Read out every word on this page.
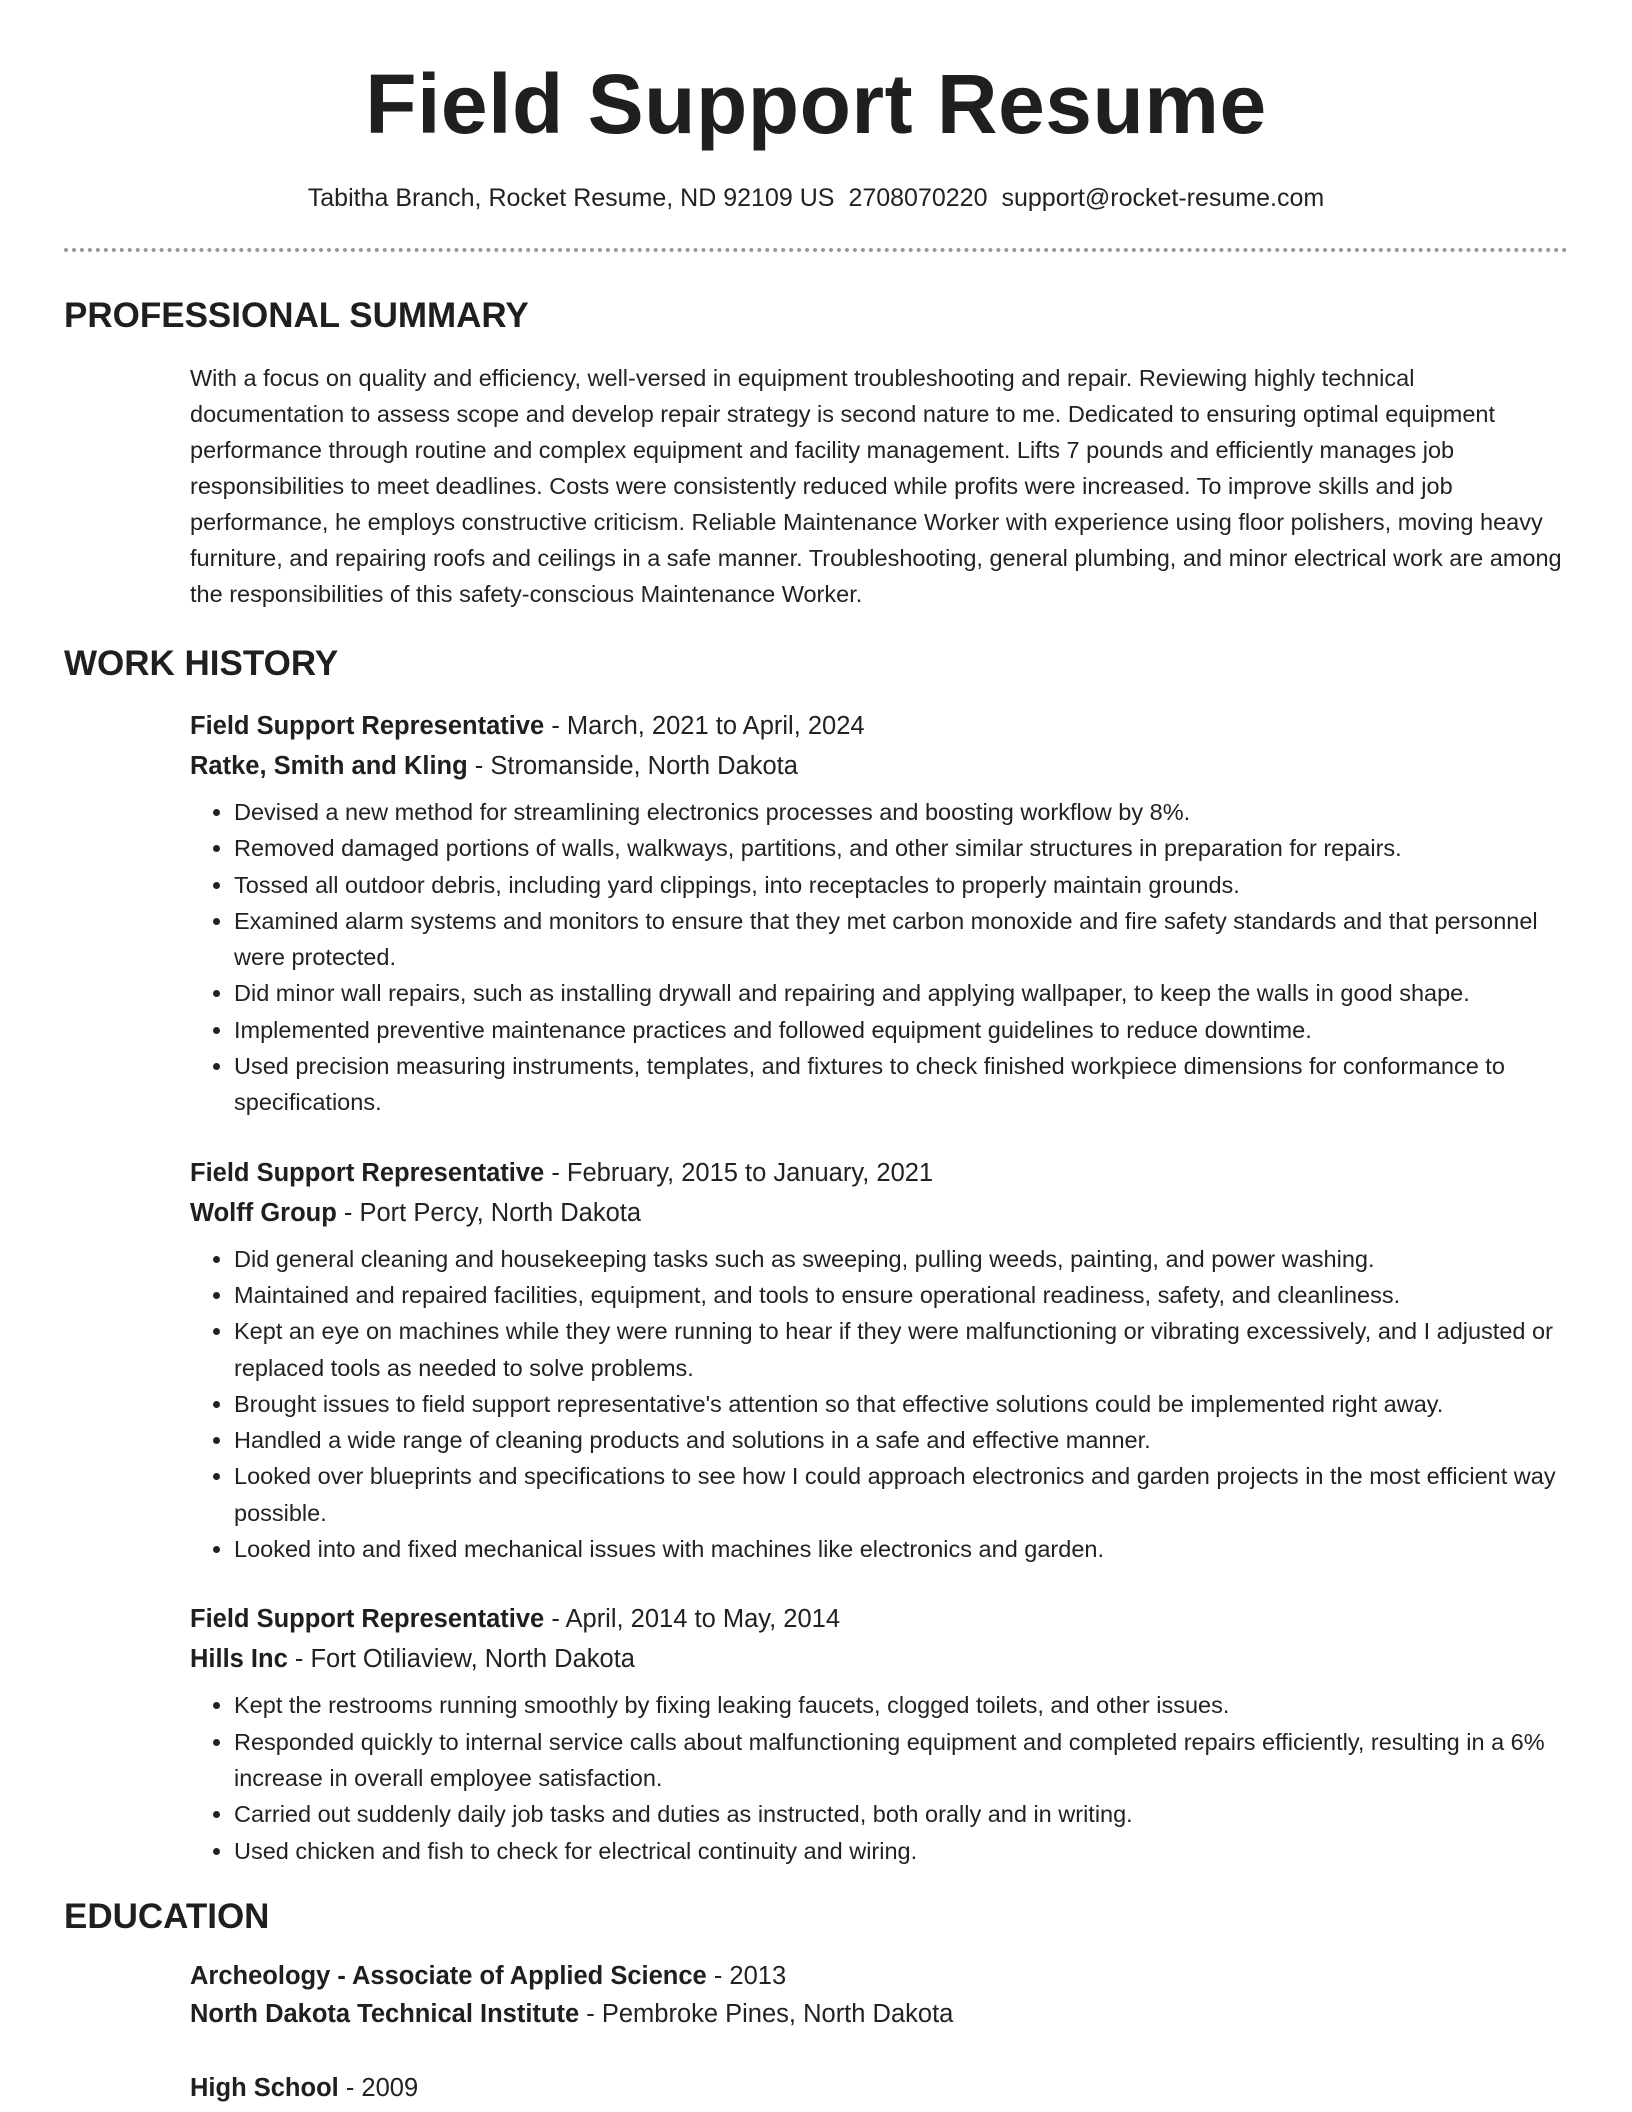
Field Support Resume
Tabitha Branch, Rocket Resume, ND 92109 US 2708070220 support@rocket-resume.com
PROFESSIONAL SUMMARY

With a focus on quality and efficiency, well-versed in equipment troubleshooting and repair. Reviewing highly technical documentation to assess scope and develop repair strategy is second nature to me. Dedicated to ensuring optimal equipment performance through routine and complex equipment and facility management. Lifts 7 pounds and efficiently manages job responsibilities to meet deadlines. Costs were consistently reduced while profits were increased. To improve skills and job performance, he employs constructive criticism. Reliable Maintenance Worker with experience using floor polishers, moving heavy furniture, and repairing roofs and ceilings in a safe manner. Troubleshooting, general plumbing, and minor electrical work are among the responsibilities of this safety-conscious Maintenance Worker.

WORK HISTORY
Field Support Representative - March, 2021 to April, 2024
Ratke, Smith and Kling - Stromanside, North Dakota
• Devised a new method for streamlining electronics processes and boosting workflow by 8%.
• Removed damaged portions of walls, walkways, partitions, and other similar structures in preparation for repairs.
• Tossed all outdoor debris, including yard clippings, into receptacles to properly maintain grounds.
• Examined alarm systems and monitors to ensure that they met carbon monoxide and fire safety standards and that personnel were protected.
• Did minor wall repairs, such as installing drywall and repairing and applying wallpaper, to keep the walls in good shape.
• Implemented preventive maintenance practices and followed equipment guidelines to reduce downtime.
• Used precision measuring instruments, templates, and fixtures to check finished workpiece dimensions for conformance to specifications.
Field Support Representative - February, 2015 to January, 2021
Wolff Group - Port Percy, North Dakota
• Did general cleaning and housekeeping tasks such as sweeping, pulling weeds, painting, and power washing.
• Maintained and repaired facilities, equipment, and tools to ensure operational readiness, safety, and cleanliness.
• Kept an eye on machines while they were running to hear if they were malfunctioning or vibrating excessively, and I adjusted or replaced tools as needed to solve problems.
• Brought issues to field support representative's attention so that effective solutions could be implemented right away.
• Handled a wide range of cleaning products and solutions in a safe and effective manner.
• Looked over blueprints and specifications to see how I could approach electronics and garden projects in the most efficient way possible.
• Looked into and fixed mechanical issues with machines like electronics and garden.
Field Support Representative - April, 2014 to May, 2014
Hills Inc - Fort Otiliaview, North Dakota
• Kept the restrooms running smoothly by fixing leaking faucets, clogged toilets, and other issues.
• Responded quickly to internal service calls about malfunctioning equipment and completed repairs efficiently, resulting in a 6% increase in overall employee satisfaction.
• Carried out suddenly daily job tasks and duties as instructed, both orally and in writing.
• Used chicken and fish to check for electrical continuity and wiring.
EDUCATION
Archeology - Associate of Applied Science - 2013
North Dakota Technical Institute - Pembroke Pines, North Dakota
High School - 2009
